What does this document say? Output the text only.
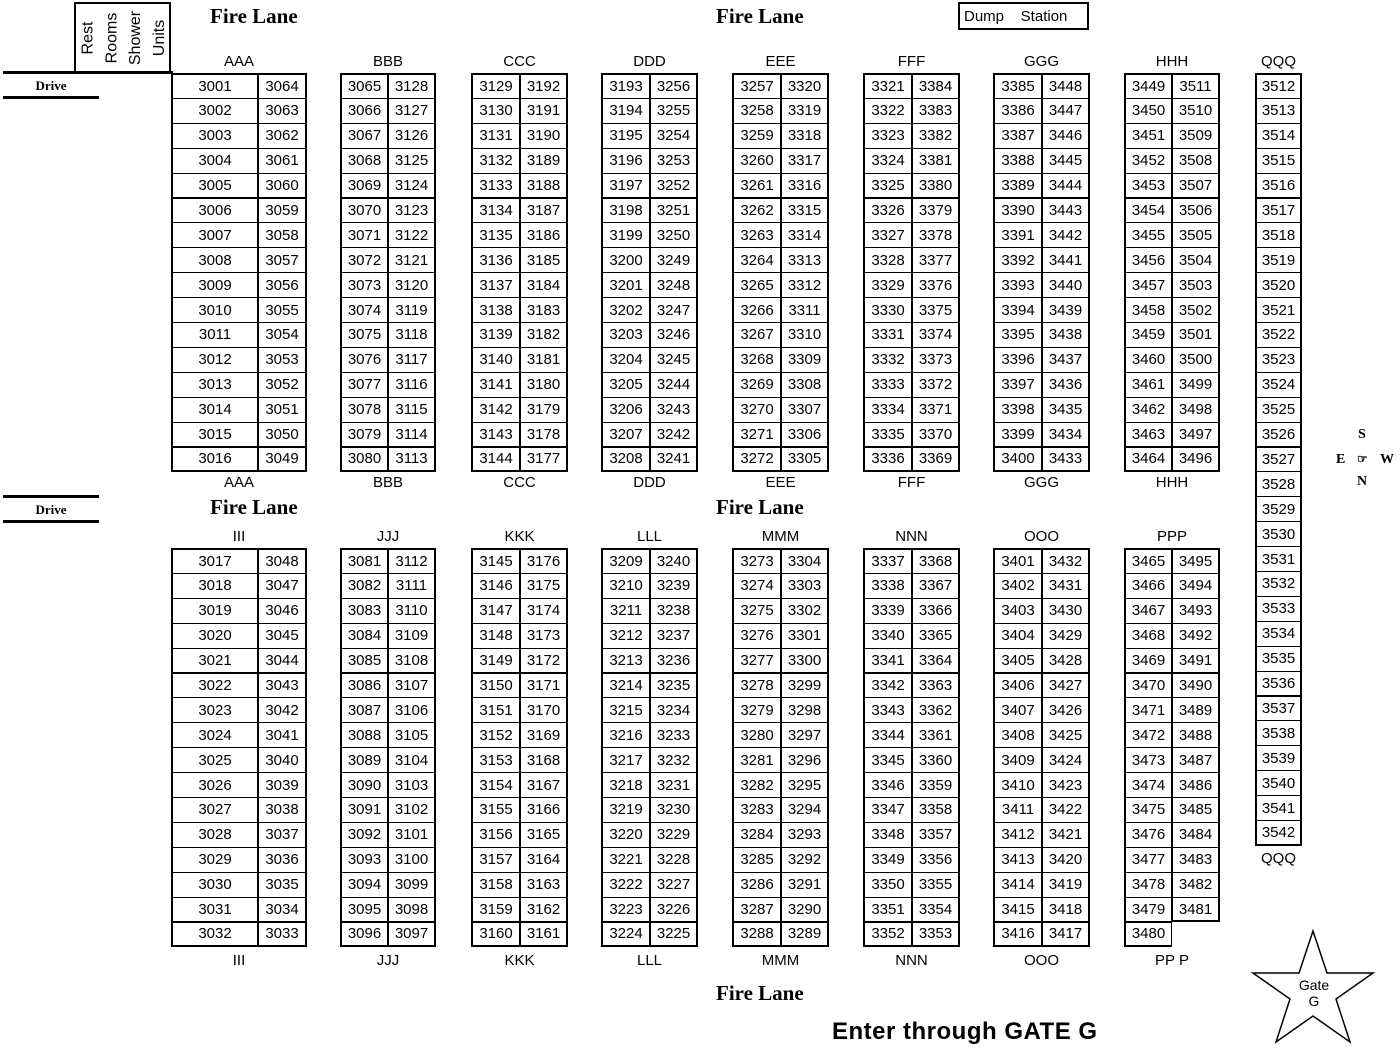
Fire Lane	Fire Lane
Fire Lane	Fire Lane
Fire Lane
Dump    Station
Rest Rooms Shower Units
Drive
Drive
S
E ☞ W
N
Gate
G
Enter through GATE G
AAA
AAA
3001
3002
3003
3004
3005
3006
3007
3008
3009
3010
3011
3012
3013
3014
3015
3016
3064
3063
3062
3061
3060
3059
3058
3057
3056
3055
3054
3053
3052
3051
3050
3049
BBB
BBB
3065
3066
3067
3068
3069
3070
3071
3072
3073
3074
3075
3076
3077
3078
3079
3080
3128
3127
3126
3125
3124
3123
3122
3121
3120
3119
3118
3117
3116
3115
3114
3113
CCC
CCC
3129
3130
3131
3132
3133
3134
3135
3136
3137
3138
3139
3140
3141
3142
3143
3144
3192
3191
3190
3189
3188
3187
3186
3185
3184
3183
3182
3181
3180
3179
3178
3177
DDD
DDD
3193
3194
3195
3196
3197
3198
3199
3200
3201
3202
3203
3204
3205
3206
3207
3208
3256
3255
3254
3253
3252
3251
3250
3249
3248
3247
3246
3245
3244
3243
3242
3241
EEE
EEE
3257
3258
3259
3260
3261
3262
3263
3264
3265
3266
3267
3268
3269
3270
3271
3272
3320
3319
3318
3317
3316
3315
3314
3313
3312
3311
3310
3309
3308
3307
3306
3305
FFF
FFF
3321
3322
3323
3324
3325
3326
3327
3328
3329
3330
3331
3332
3333
3334
3335
3336
3384
3383
3382
3381
3380
3379
3378
3377
3376
3375
3374
3373
3372
3371
3370
3369
GGG
GGG
3385
3386
3387
3388
3389
3390
3391
3392
3393
3394
3395
3396
3397
3398
3399
3400
3448
3447
3446
3445
3444
3443
3442
3441
3440
3439
3438
3437
3436
3435
3434
3433
HHH
HHH
3449
3450
3451
3452
3453
3454
3455
3456
3457
3458
3459
3460
3461
3462
3463
3464
3511
3510
3509
3508
3507
3506
3505
3504
3503
3502
3501
3500
3499
3498
3497
3496
III
III
3017
3018
3019
3020
3021
3022
3023
3024
3025
3026
3027
3028
3029
3030
3031
3032
3048
3047
3046
3045
3044
3043
3042
3041
3040
3039
3038
3037
3036
3035
3034
3033
JJJ
JJJ
3081
3082
3083
3084
3085
3086
3087
3088
3089
3090
3091
3092
3093
3094
3095
3096
3112
3111
3110
3109
3108
3107
3106
3105
3104
3103
3102
3101
3100
3099
3098
3097
KKK
KKK
3145
3146
3147
3148
3149
3150
3151
3152
3153
3154
3155
3156
3157
3158
3159
3160
3176
3175
3174
3173
3172
3171
3170
3169
3168
3167
3166
3165
3164
3163
3162
3161
LLL
LLL
3209
3210
3211
3212
3213
3214
3215
3216
3217
3218
3219
3220
3221
3222
3223
3224
3240
3239
3238
3237
3236
3235
3234
3233
3232
3231
3230
3229
3228
3227
3226
3225
MMM
MMM
3273
3274
3275
3276
3277
3278
3279
3280
3281
3282
3283
3284
3285
3286
3287
3288
3304
3303
3302
3301
3300
3299
3298
3297
3296
3295
3294
3293
3292
3291
3290
3289
NNN
NNN
3337
3338
3339
3340
3341
3342
3343
3344
3345
3346
3347
3348
3349
3350
3351
3352
3368
3367
3366
3365
3364
3363
3362
3361
3360
3359
3358
3357
3356
3355
3354
3353
OOO
OOO
3401
3402
3403
3404
3405
3406
3407
3408
3409
3410
3411
3412
3413
3414
3415
3416
3432
3431
3430
3429
3428
3427
3426
3425
3424
3423
3422
3421
3420
3419
3418
3417
PPP
PP P
3465
3466
3467
3468
3469
3470
3471
3472
3473
3474
3475
3476
3477
3478
3479
3480
3495
3494
3493
3492
3491
3490
3489
3488
3487
3486
3485
3484
3483
3482
3481
QQQ
3512
3513
3514
3515
3516
3517
3518
3519
3520
3521
3522
3523
3524
3525
3526
3527
3528
3529
3530
3531
3532
3533
3534
3535
3536
3537
3538
3539
3540
3541
3542
QQQ
